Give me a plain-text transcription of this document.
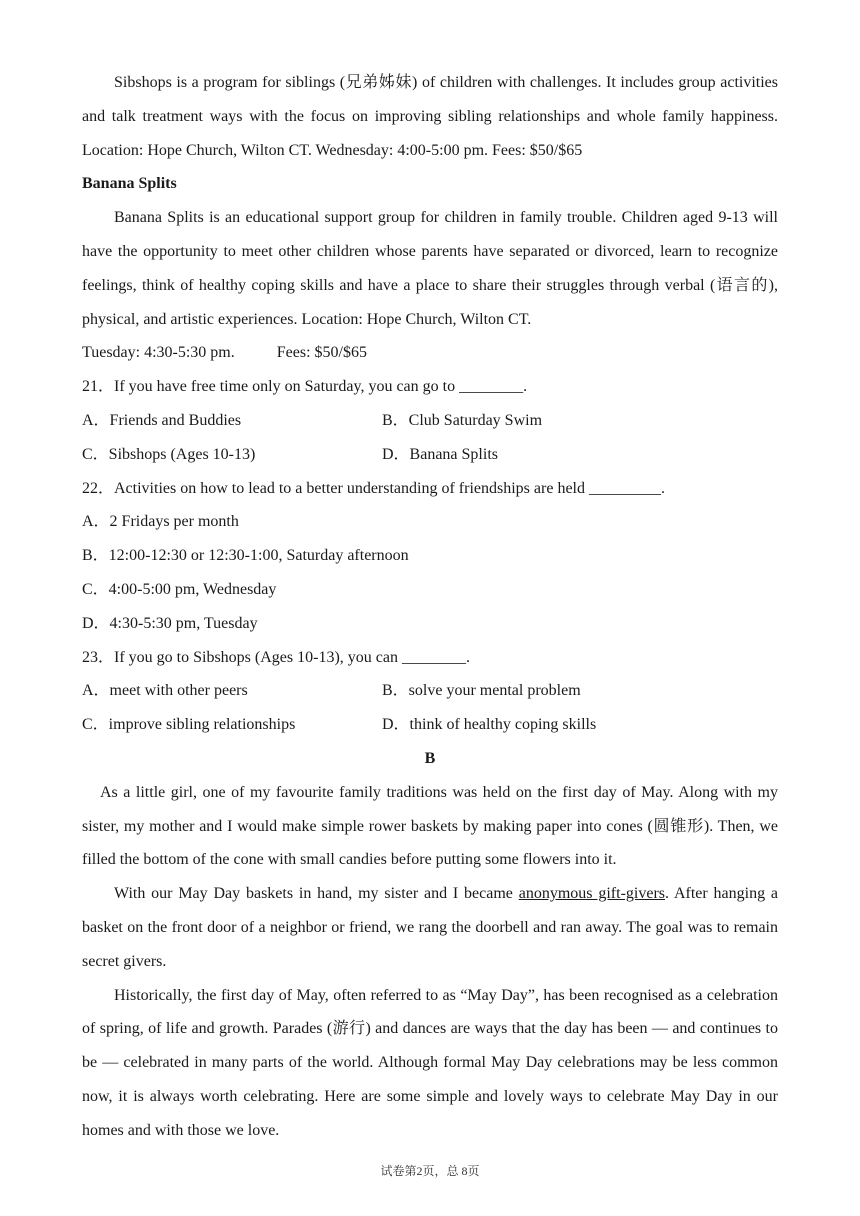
Sibshops is a program for siblings (兄弟姊妹) of children with challenges. It includes group activities and talk treatment ways with the focus on improving sibling relationships and whole family happiness. Location: Hope Church, Wilton CT. Wednesday: 4:00-5:00 pm. Fees: $50/$65

Banana Splits

Banana Splits is an educational support group for children in family trouble. Children aged 9-13 will have the opportunity to meet other children whose parents have separated or divorced, learn to recognize feelings, think of healthy coping skills and have a place to share their struggles through verbal (语言的), physical, and artistic experiences. Location: Hope Church, Wilton CT.

Tuesday: 4:30-5:30 pm.	Fees: $50/$65

21．If you have free time only on Saturday, you can go to ________.

A．Friends and Buddies	B．Club Saturday Swim
C．Sibshops (Ages 10-13)	D．Banana Splits

22．Activities on how to lead to a better understanding of friendships are held _________.

A．2 Fridays per month

B．12:00-12:30 or 12:30-1:00, Saturday afternoon

C．4:00-5:00 pm, Wednesday

D．4:30-5:30 pm, Tuesday

23．If you go to Sibshops (Ages 10-13), you can ________.

A．meet with other peers	B．solve your mental problem
C．improve sibling relationships	D．think of healthy coping skills

B

As a little girl, one of my favourite family traditions was held on the first day of May. Along with my sister, my mother and I would make simple rower baskets by making paper into cones (圆锥形). Then, we filled the bottom of the cone with small candies before putting some flowers into it.

With our May Day baskets in hand, my sister and I became anonymous gift-givers. After hanging a basket on the front door of a neighbor or friend, we rang the doorbell and ran away. The goal was to remain secret givers.

Historically, the first day of May, often referred to as “May Day”, has been recognised as a celebration of spring, of life and growth. Parades (游行) and dances are ways that the day has been — and continues to be — celebrated in many parts of the world. Although formal May Day celebrations may be less common now, it is always worth celebrating. Here are some simple and lovely ways to celebrate May Day in our homes and with those we love.

试卷第2页，总 8页
